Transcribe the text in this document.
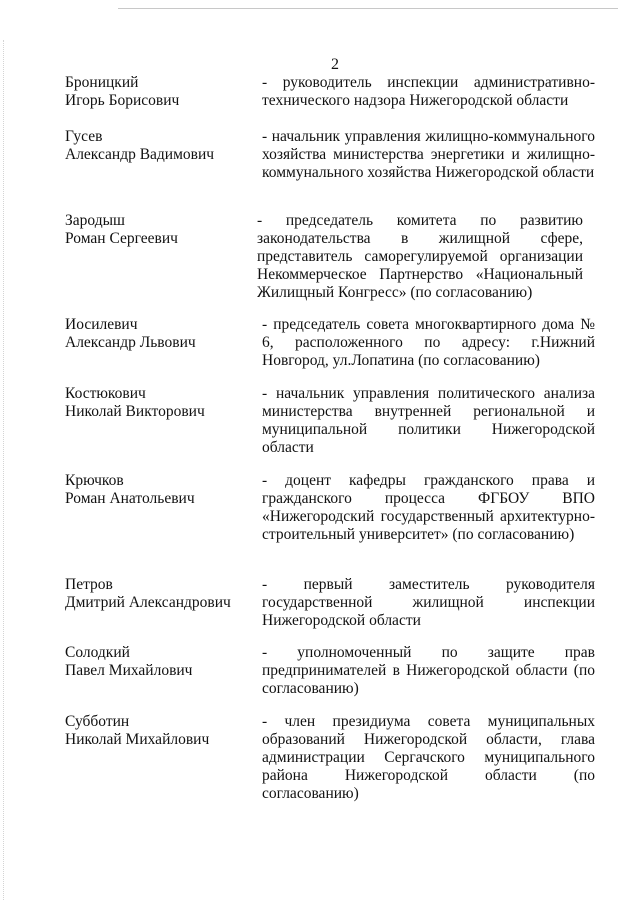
2
Броницкий
Игорь Борисович
- руководитель инспекции административно-технического надзора Нижегородской области
Гусев
Александр Вадимович
- начальник управления жилищно-коммунального хозяйства министерства энергетики и жилищно-коммунального хозяйства Нижегородской области
Зародыш
Роман Сергеевич
- председатель комитета по развитию законодательства в жилищной сфере, представитель саморегулируемой организации Некоммерческое Партнерство «Национальный Жилищный Конгресс» (по согласованию)
Иосилевич
Александр Львович
- председатель совета многоквартирного дома № 6, расположенного по адресу: г.Нижний Новгород, ул.Лопатина (по согласованию)
Костюкович
Николай Викторович
- начальник управления политического анализа министерства внутренней региональной и муниципальной политики Нижегородской области
Крючков
Роман Анатольевич
- доцент кафедры гражданского права и гражданского процесса ФГБОУ ВПО «Нижегородский государственный архитектурно-строительный университет» (по согласованию)
Петров
Дмитрий Александрович
- первый заместитель руководителя государственной жилищной инспекции Нижегородской области
Солодкий
Павел Михайлович
- уполномоченный по защите прав предпринимателей в Нижегородской области (по согласованию)
Субботин
Николай Михайлович
- член президиума совета муниципальных образований Нижегородской области, глава администрации Сергачского муниципального района Нижегородской области (по согласованию)
